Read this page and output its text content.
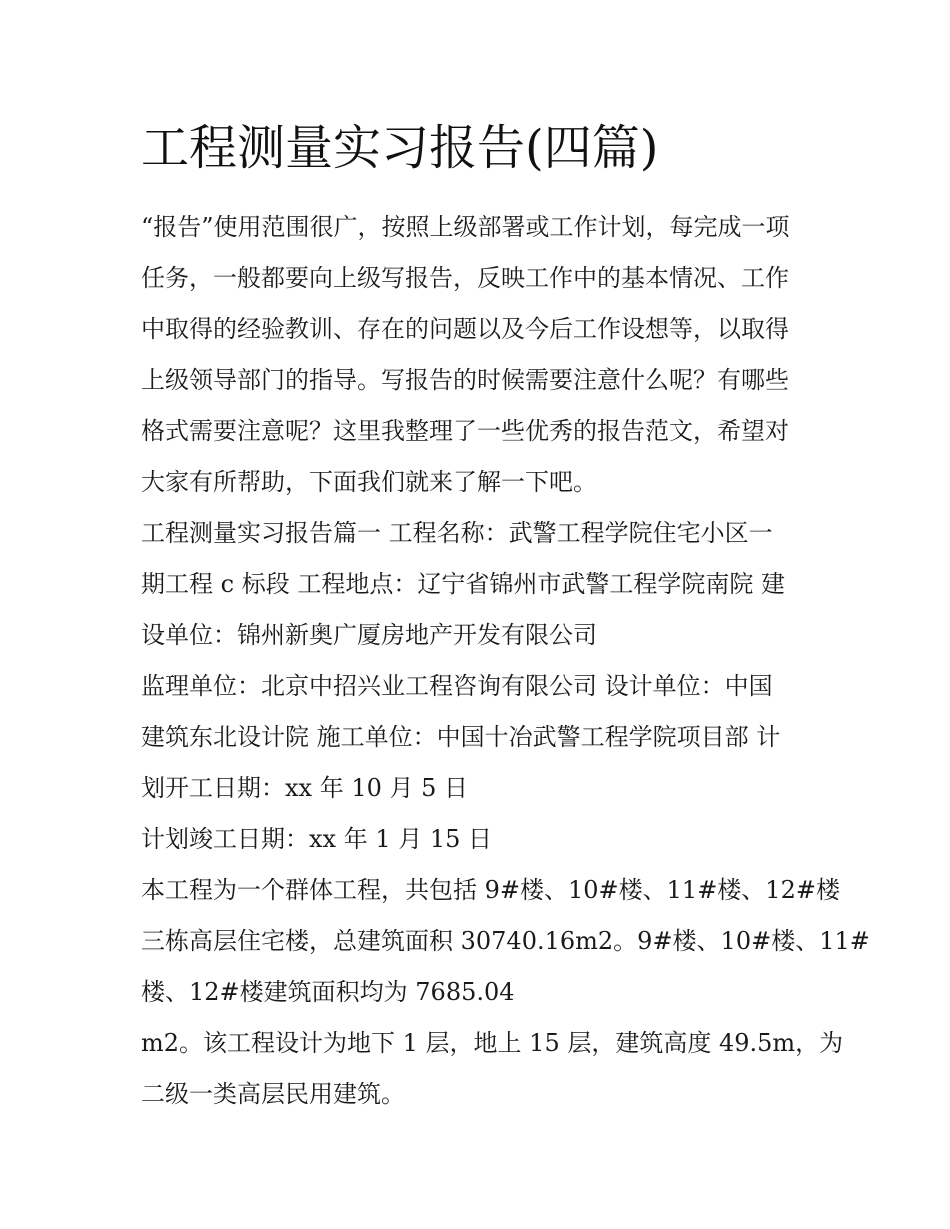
工程测量实习报告(四篇)
“报告”使用范围很广，按照上级部署或工作计划，每完成一项
任务，一般都要向上级写报告，反映工作中的基本情况、工作
中取得的经验教训、存在的问题以及今后工作设想等，以取得
上级领导部门的指导。写报告的时候需要注意什么呢？有哪些
格式需要注意呢？这里我整理了一些优秀的报告范文，希望对
大家有所帮助，下面我们就来了解一下吧。
工程测量实习报告篇一 工程名称：武警工程学院住宅小区一
期工程 c 标段 工程地点：辽宁省锦州市武警工程学院南院 建
设单位：锦州新奥广厦房地产开发有限公司
监理单位：北京中招兴业工程咨询有限公司 设计单位：中国
建筑东北设计院 施工单位：中国十冶武警工程学院项目部 计
划开工日期：xx 年 10 月 5 日
计划竣工日期：xx 年 1 月 15 日
本工程为一个群体工程，共包括 9#楼、10#楼、11#楼、12#楼
三栋高层住宅楼，总建筑面积 30740.16m2。9#楼、10#楼、11#
楼、12#楼建筑面积均为 7685.04
m2。该工程设计为地下 1 层，地上 15 层，建筑高度 49.5m，为
二级一类高层民用建筑。
